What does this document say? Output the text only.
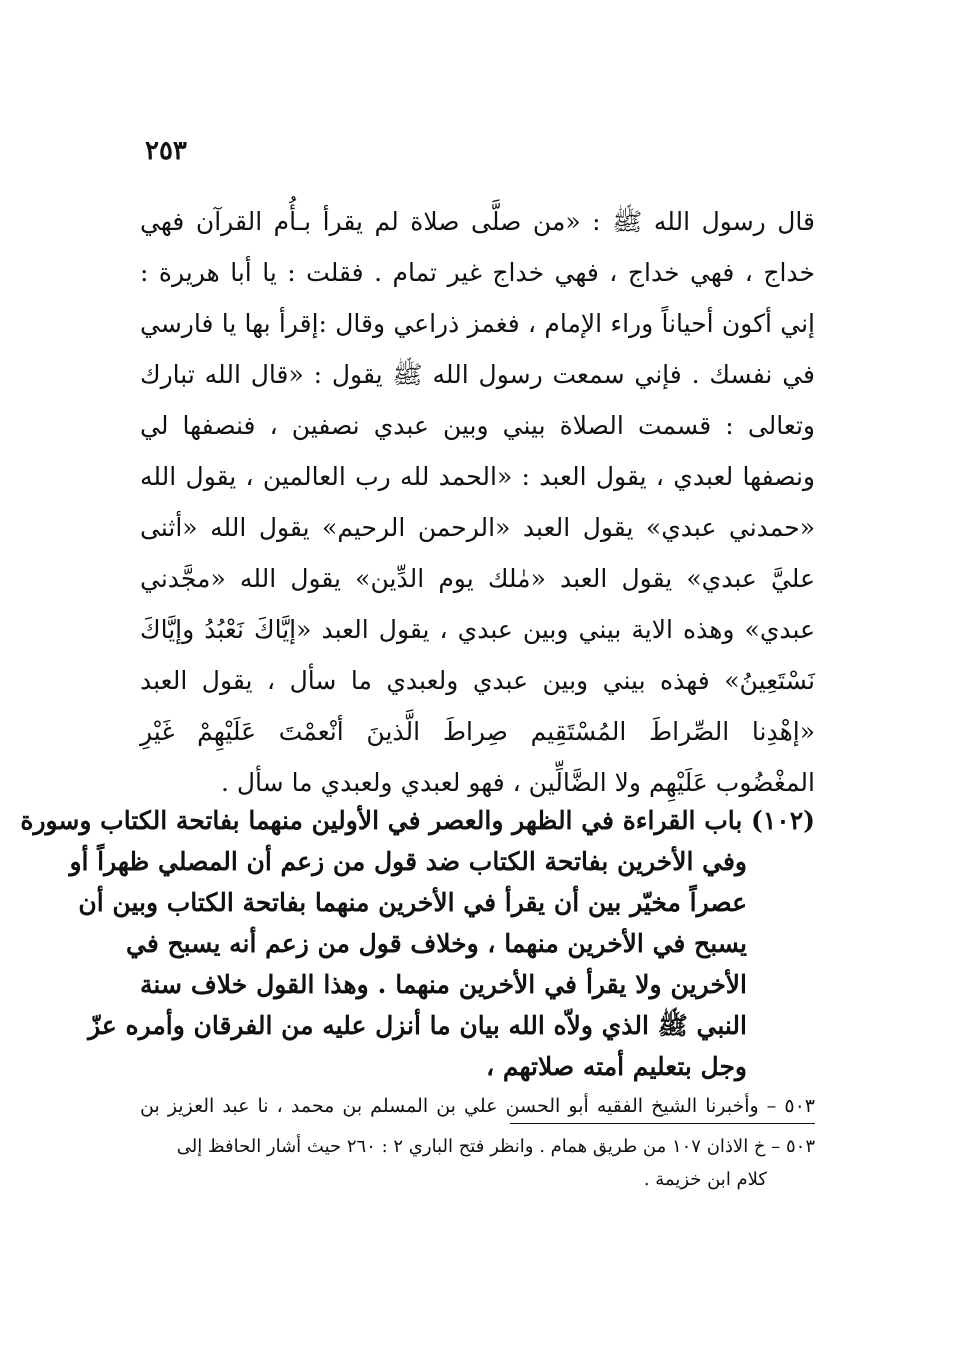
٢٥٣

قال رسول الله ﷺ : «من صلَّى صلاة لم يقرأ بـأُم القرآن فهي خداج ، فهي خداج ، فهي خداج غير تمام . فقلت : يا أبا هريرة : إني أكون أحياناً وراء الإمام ، فغمز ذراعي وقال :إقرأ بها يا فارسي في نفسك . فإني سمعت رسول الله ﷺ يقول : «قال الله تبارك وتعالى : قسمت الصلاة بيني وبين عبدي نصفين ، فنصفها لي ونصفها لعبدي ، يقول العبد : «الحمد لله رب العالمين ، يقول الله «حمدني عبدي» يقول العبد «الرحمن الرحيم» يقول الله «أثنى عليَّ عبدي» يقول العبد «مٰلك يوم الدِّين» يقول الله «مجَّدني عبدي» وهذه الاية بيني وبين عبدي ، يقول العبد «إيَّاكَ نَعْبُدُ وإيَّاكَ نَسْتَعِينُ» فهذه بيني وبين عبدي ولعبدي ما سأل ، يقول العبد «إهْدِنا الصِّراطَ المُسْتَقِيم صِراطَ الَّذينَ أنْعمْتَ عَلَيْهِمْ غَيْرِ المغْضُوب عَلَيْهِم ولا الضَّالِّين ، فهو لعبدي ولعبدي ما سأل .

(١٠٢) باب القراءة في الظهر والعصر في الأولين منهما بفاتحة الكتاب وسورة
وفي الأخرين بفاتحة الكتاب ضد قول من زعم أن المصلي ظهراً أو
عصراً مخيّر بين أن يقرأ في الأخرين منهما بفاتحة الكتاب وبين أن
يسبح في الأخرين منهما ، وخلاف قول من زعم أنه يسبح في
الأخرين ولا يقرأ في الأخرين منهما . وهذا القول خلاف سنة
النبي ﷺ الذي ولاّه الله بيان ما أنزل عليه من الفرقان وأمره عزّ
وجل بتعليم أمته صلاتهم ،
٥٠٣ – وأخبرنا الشيخ الفقيه أبو الحسن علي بن المسلم بن محمد ، نا عبد العزيز بن
٥٠٣ – خ الاذان ١٠٧ من طريق همام . وانظر فتح الباري ٢ : ٢٦٠ حيث أشار الحافظ إلى
كلام ابن خزيمة .
